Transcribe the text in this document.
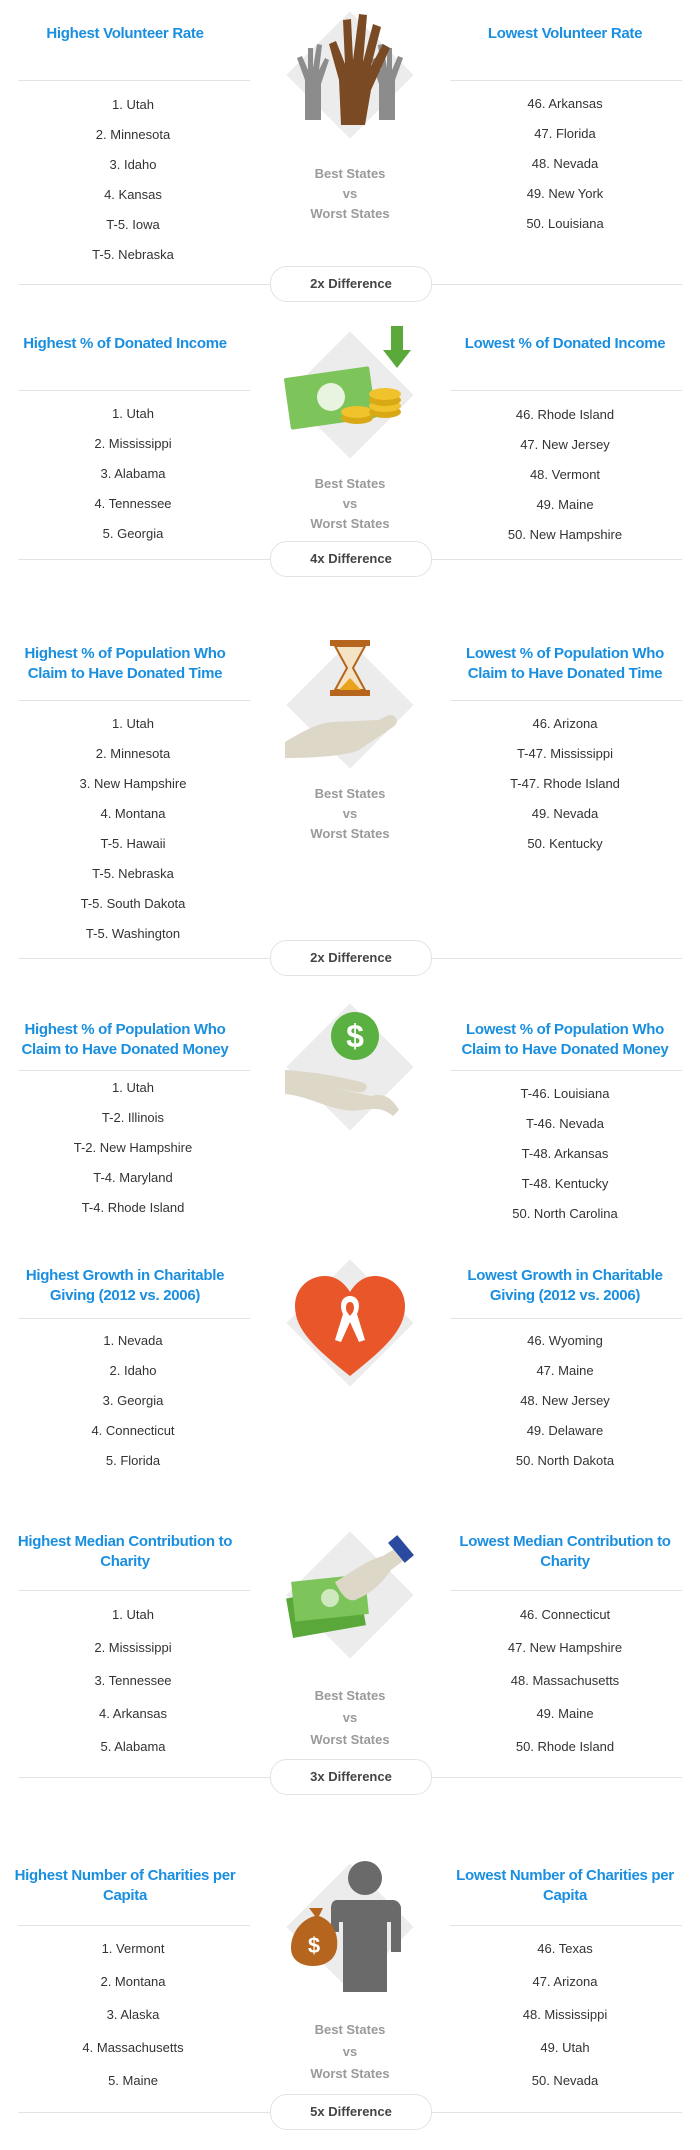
Highest Volunteer Rate	Lowest Volunteer Rate
1. Utah
2. Minnesota
3. Idaho
4. Kansas
T-5. Iowa
T-5. Nebraska
46. Arkansas
47. Florida
48. Nevada
49. New York
50. Louisiana
Best States
vs
Worst States
2x Difference
Highest % of Donated Income	Lowest % of Donated Income
1. Utah
2. Mississippi
3. Alabama
4. Tennessee
5. Georgia
46. Rhode Island
47. New Jersey
48. Vermont
49. Maine
50. New Hampshire
Best States
vs
Worst States
4x Difference
Highest % of Population Who Claim to Have Donated Time
Lowest % of Population Who Claim to Have Donated Time
1. Utah
2. Minnesota
3. New Hampshire
4. Montana
T-5. Hawaii
T-5. Nebraska
T-5. South Dakota
T-5. Washington
46. Arizona
T-47. Mississippi
T-47. Rhode Island
49. Nevada
50. Kentucky
Best States
vs
Worst States
2x Difference
Highest % of Population Who Claim to Have Donated Money
Lowest % of Population Who Claim to Have Donated Money
1. Utah
T-2. Illinois
T-2. New Hampshire
T-4. Maryland
T-4. Rhode Island
T-46. Louisiana
T-46. Nevada
T-48. Arkansas
T-48. Kentucky
50. North Carolina
$
Highest Growth in Charitable Giving (2012 vs. 2006)
Lowest Growth in Charitable Giving (2012 vs. 2006)
1. Nevada
2. Idaho
3. Georgia
4. Connecticut
5. Florida
46. Wyoming
47. Maine
48. New Jersey
49. Delaware
50. North Dakota
Highest Median Contribution to Charity
Lowest Median Contribution to Charity
1. Utah
2. Mississippi
3. Tennessee
4. Arkansas
5. Alabama
46. Connecticut
47. New Hampshire
48. Massachusetts
49. Maine
50. Rhode Island
Best States
vs
Worst States
3x Difference
Highest Number of Charities per Capita
Lowest Number of Charities per Capita
1. Vermont
2. Montana
3. Alaska
4. Massachusetts
5. Maine
46. Texas
47. Arizona
48. Mississippi
49. Utah
50. Nevada
$
Best States
vs
Worst States
5x Difference
